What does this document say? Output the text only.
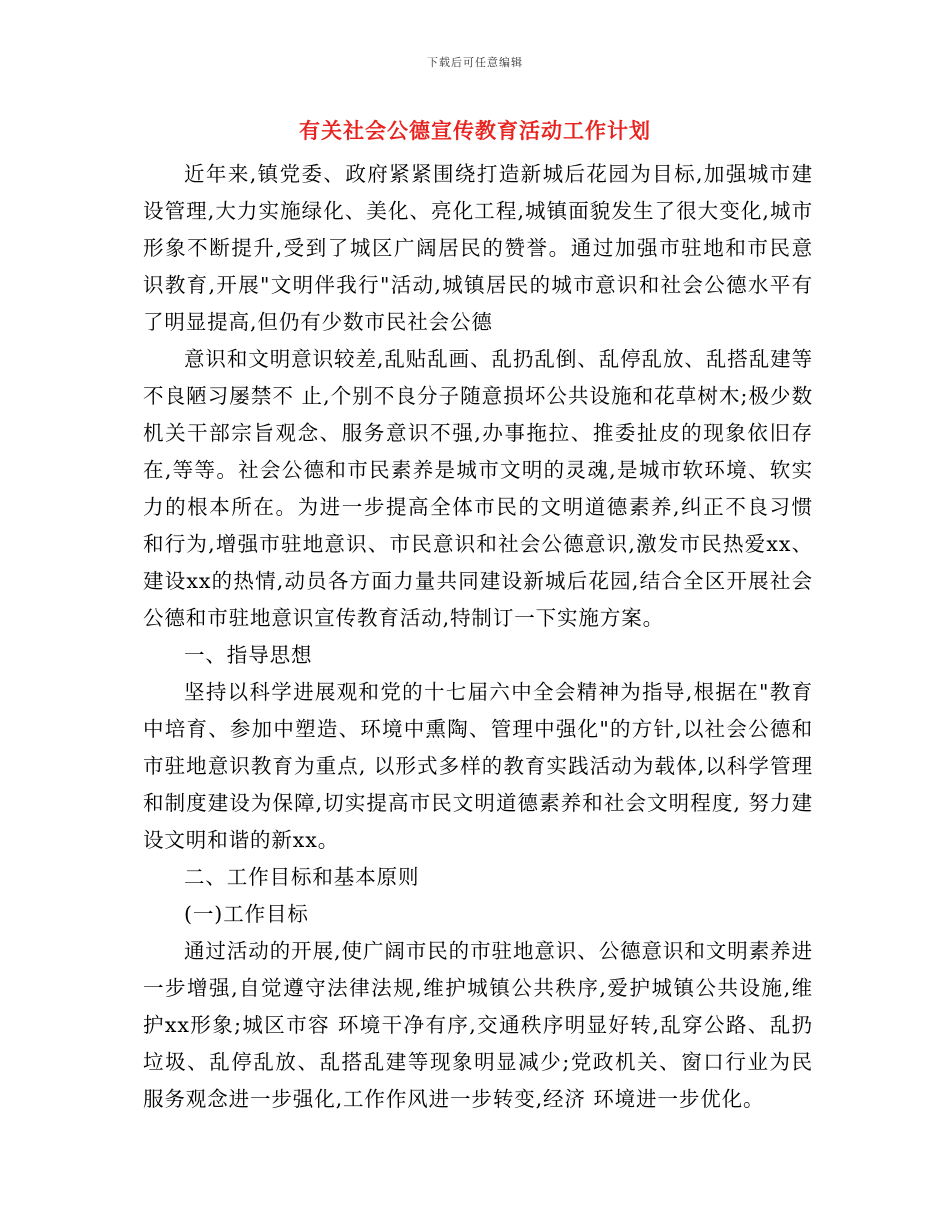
下载后可任意编辑
有关社会公德宣传教育活动工作计划

近年来,镇党委、政府紧紧围绕打造新城后花园为目标,加强城市建设管理,大力实施绿化、美化、亮化工程,城镇面貌发生了很大变化,城市形象不断提升,受到了城区广阔居民的赞誉。通过加强市驻地和市民意识教育,开展"文明伴我行"活动,城镇居民的城市意识和社会公德水平有了明显提高,但仍有少数市民社会公德

意识和文明意识较差,乱贴乱画、乱扔乱倒、乱停乱放、乱搭乱建等不良陋习屡禁不 止,个别不良分子随意损坏公共设施和花草树木;极少数机关干部宗旨观念、服务意识不强,办事拖拉、推委扯皮的现象依旧存在,等等。社会公德和市民素养是城市文明的灵魂,是城市软环境、软实力的根本所在。为进一步提高全体市民的文明道德素养,纠正不良习惯和行为,增强市驻地意识、市民意识和社会公德意识,激发市民热爱xx、建设xx的热情,动员各方面力量共同建设新城后花园,结合全区开展社会公德和市驻地意识宣传教育活动,特制订一下实施方案。

一、指导思想

坚持以科学进展观和党的十七届六中全会精神为指导,根据在"教育中培育、参加中塑造、环境中熏陶、管理中强化"的方针,以社会公德和市驻地意识教育为重点, 以形式多样的教育实践活动为载体,以科学管理和制度建设为保障,切实提高市民文明道德素养和社会文明程度, 努力建设文明和谐的新xx。

二、工作目标和基本原则

(一)工作目标

通过活动的开展,使广阔市民的市驻地意识、公德意识和文明素养进一步增强,自觉遵守法律法规,维护城镇公共秩序,爱护城镇公共设施,维护xx形象;城区市容 环境干净有序,交通秩序明显好转,乱穿公路、乱扔垃圾、乱停乱放、乱搭乱建等现象明显减少;党政机关、窗口行业为民服务观念进一步强化,工作作风进一步转变,经济 环境进一步优化。
